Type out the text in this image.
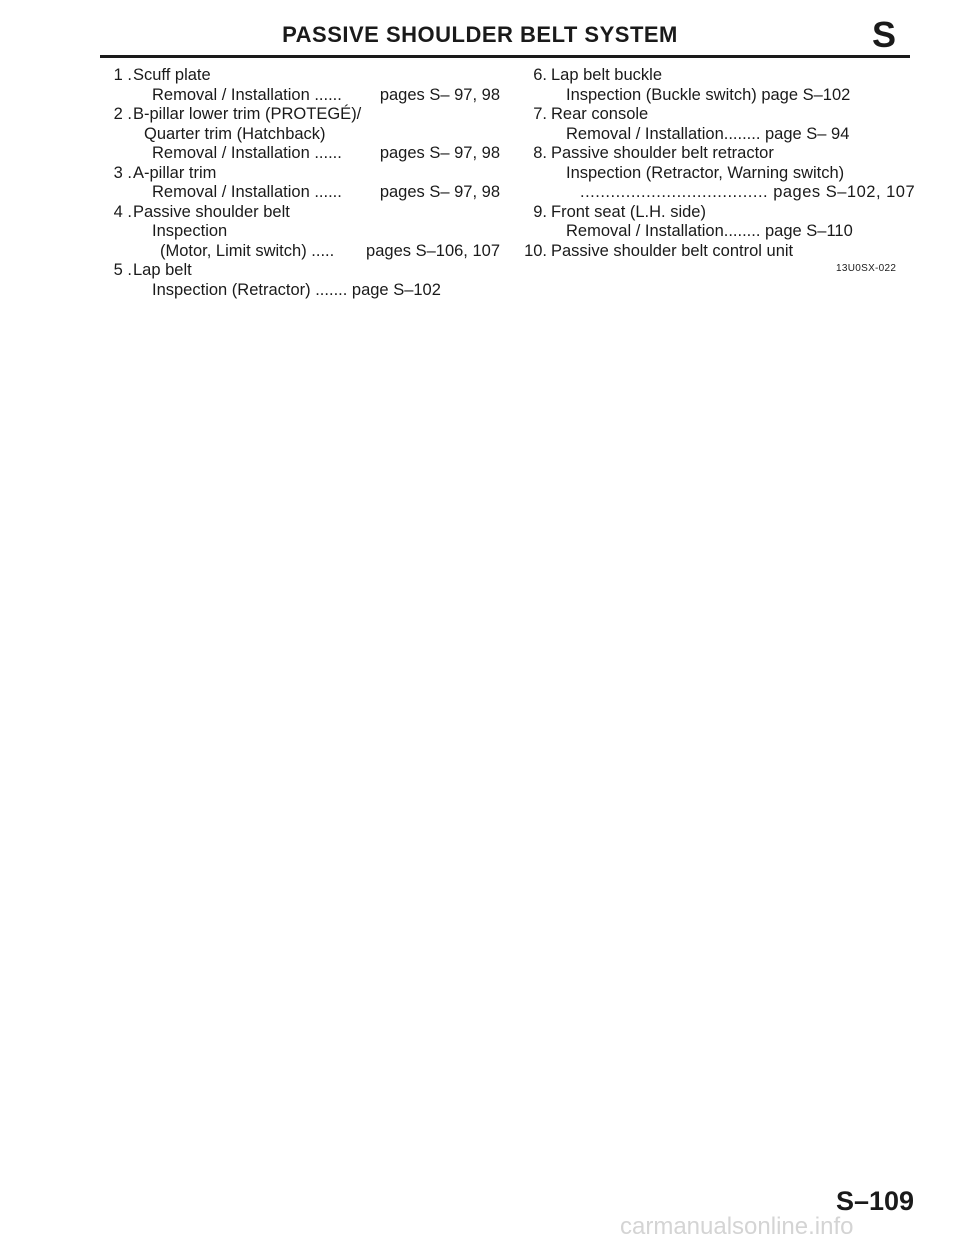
PASSIVE SHOULDER BELT SYSTEM	S
1 .Scuff plate
Removal / Installation ...... pages S– 97, 98
2 .B-pillar lower trim (PROTEGÉ)/
Quarter trim (Hatchback)
Removal / Installation ...... pages S– 97, 98
3 .A-pillar trim
Removal / Installation ...... pages S– 97, 98
4 .Passive shoulder belt
Inspection
(Motor, Limit switch) ..... pages S–106, 107
5 .Lap belt
Inspection (Retractor) ....... page S–102
6. Lap belt buckle
Inspection (Buckle switch) page S–102
7. Rear console
Removal / Installation........ page S– 94
8. Passive shoulder belt retractor
Inspection (Retractor, Warning switch)
..................................... pages S–102, 107
9. Front seat (L.H. side)
Removal / Installation........ page S–110
10. Passive shoulder belt control unit
13U0SX-022
S–109
carmanualsonline.info
